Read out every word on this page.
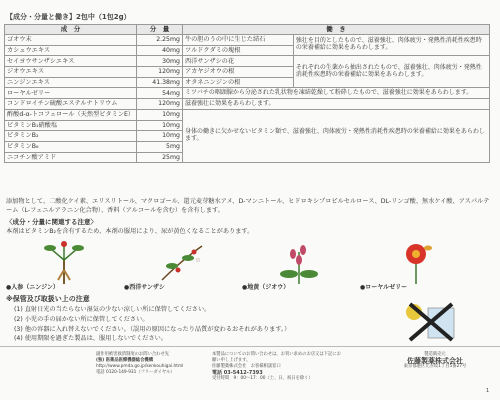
【成分・分量と働き】2包中（1包2g）
成　分	分　量	働　き	
ゴオウ末	2.25mg	牛の胆のうの中に生じた結石	強壮を目的としたもので、滋養強壮、肉体疲労・発熱性消耗性疾患時の栄養補給に効果をあらわします。
カシュウエキス	40mg	ツルドクダミの塊根	
セイヨウサンザシエキス	30mg	西洋サンザシの花	それぞれの生薬から抽出されたもので、滋養強壮、肉体疲労・発熱性消耗性疾患時の栄養補給に効果をあらわします。
ジオウエキス	120mg	アカヤジオウの根	
ニンジンエキス	41.38mg	オタネニンジンの根	
ローヤルゼリー	54mg	ミツバチの咽頭腺から分泌された乳状物を凍結乾燥して粉砕したもので、滋養強壮に効果をあらわします。	
コンドロイチン硫酸エステルナトリウム	120mg	滋養強壮に効果をあらわします。	
酢酸d-α-トコフェロール（天然型ビタミンE）	10mg	身体の働きに欠かせないビタミン類で、滋養強壮、肉体疲労・発熱性消耗性疾患時の栄養補給に効果をあらわします。	
ビタミンB₁硝酸塩	10mg		
ビタミンB₂	10mg		
ビタミンB₆	5mg		
ニコチン酸アミド	25mg		
添加物として、二酸化ケイ素、エリスリトール、マクロゴール、還元麦芽糖水アメ、D-マンニトール、ヒドロキシプロピルセルロース、DL-リンゴ酸、無水ケイ酸、アスパルテーム（L-フェニルアラニン化合物）、香料（アルコールを含む）を含有します。
〈成分・分量に関連する注意〉
本剤はビタミンB₂を含有するため、本剤の服用により、尿が黄色くなることがあります。
●人参（ニンジン）	●西洋サンザシ	●地黄（ジオウ）	●ローヤルゼリー
※保管及び取扱い上の注意
(1) 直射日光の当たらない湿気の少ない涼しい所に保管してください。
(2) 小児の手の届かない所に保管してください。
(3) 他の容器に入れ替えないでください。（誤用の原因になったり品質が変わるおそれがあります。）
(4) 使用期限を過ぎた製品は、服用しないでください。
副作用被害救済制度のお問い合わせ先
(独) 医薬品医療機器総合機構
http://www.pmda.go.jp/kenkouhigai.html
電話 0120-149-931（フリーダイヤル）
本製品についてのお問い合わせは、お買い求めのお店又は下記にお願い申し上げます。
佐藤製薬株式会社　お客様相談窓口
電話 03-5412-7393
受付時間　9：00〜17：00（土、日、祝日を除く）
製造販売元
佐藤製薬株式会社
東京都港区元赤坂1丁目5番27号
1
